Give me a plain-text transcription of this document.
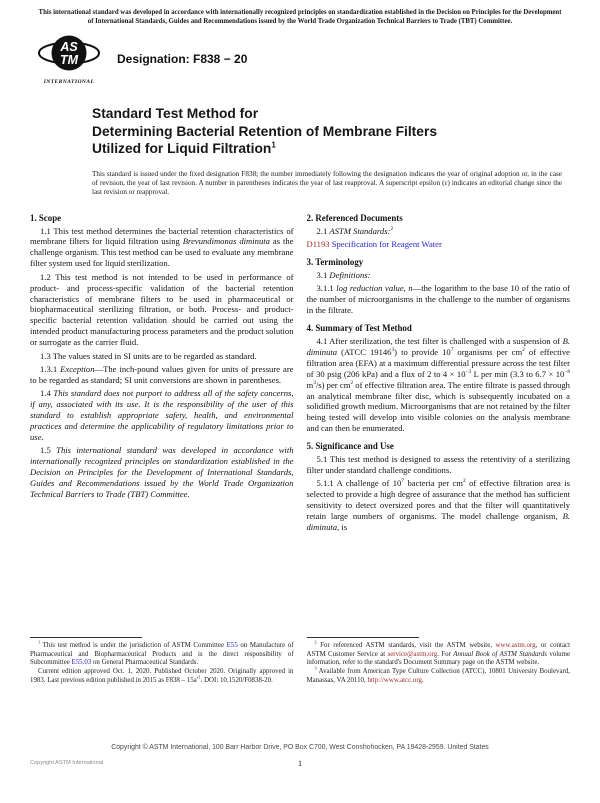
This international standard was developed in accordance with internationally recognized principles on standardization established in the Decision on Principles for the Development of International Standards, Guides and Recommendations issued by the World Trade Organization Technical Barriers to Trade (TBT) Committee.
AS
TM
INTERNATIONAL
Designation: F838 − 20
Standard Test Method for
Determining Bacterial Retention of Membrane Filters
Utilized for Liquid Filtration$^1$
This standard is issued under the fixed designation F838; the number immediately following the designation indicates the year of original adoption or, in the case of revision, the year of last revision. A number in parentheses indicates the year of last reapproval. A superscript epsilon (ε) indicates an editorial change since the last revision or reapproval.
1. Scope

1.1 This test method determines the bacterial retention characteristics of membrane filters for liquid filtration using Brevundimonas diminuta as the challenge organism. This test method can be used to evaluate any membrane filter system used for liquid sterilization.

1.2 This test method is not intended to be used in performance of product- and process-specific validation of the bacterial retention characteristics of membrane filters to be used in pharmaceutical or biopharmaceutical sterilizing filtration, or both. Process- and product-specific bacterial retention validation should be carried out using the intended product manufacturing process parameters and the product solution or surrogate as the carrier fluid.

1.3 The values stated in SI units are to be regarded as standard.

1.3.1 Exception—The inch-pound values given for units of pressure are to be regarded as standard; SI unit conversions are shown in parentheses.

1.4 This standard does not purport to address all of the safety concerns, if any, associated with its use. It is the responsibility of the user of this standard to establish appropriate safety, health, and environmental practices and determine the applicability of regulatory limitations prior to use.

1.5 This international standard was developed in accordance with internationally recognized principles on standardization established in the Decision on Principles for the Development of International Standards, Guides and Recommendations issued by the World Trade Organization Technical Barriers to Trade (TBT) Committee.

$^1$ This test method is under the jurisdiction of ASTM Committee E55 on Manufacture of Pharmaceutical and Biopharmaceutical Products and is the direct responsibility of Subcommittee E55.03 on General Pharmaceutical Standards.

Current edition approved Oct. 1, 2020. Published October 2020. Originally approved in 1983. Last previous edition published in 2015 as $F838 - 15a^{\varepsilon 1}$. DOI: 10.1520/F0838-20.

2. Referenced Documents

2.1 ASTM Standards:$^2$

D1193 Specification for Reagent Water

3. Terminology

3.1 Definitions:

3.1.1 log reduction value, n—the logarithm to the base 10 of the ratio of the number of microorganisms in the challenge to the number of organisms in the filtrate.

4. Summary of Test Method

4.1 After sterilization, the test filter is challenged with a suspension of B. diminuta (ATCC 19146$^3$) to provide $10^7$ organisms per $cm^2$ of effective filtration area (EFA) at a maximum differential pressure across the test filter of 30 psig (206 kPa) and a flux of 2 to $4 \times 10^{-3}$ L per min (3.3 to $6.7 \times 10^{-8}$ $m^3/s$) per $cm^2$ of effective filtration area. The entire filtrate is passed through an analytical membrane filter disc, which is subsequently incubated on a solidified growth medium. Microorganisms that are not retained by the filter being tested will develop into visible colonies on the analysis membrane and can then be enumerated.

5. Significance and Use

5.1 This test method is designed to assess the retentivity of a sterilizing filter under standard challenge conditions.

5.1.1 A challenge of $10^7$ bacteria per $cm^2$ of effective filtration area is selected to provide a high degree of assurance that the method has sufficient sensitivity to detect oversized pores and that the filter will quantitatively retain large numbers of organisms. The model challenge organism, B. diminuta, is

$^2$ For referenced ASTM standards, visit the ASTM website, www.astm.org, or contact ASTM Customer Service at service@astm.org. For Annual Book of ASTM Standards volume information, refer to the standard's Document Summary page on the ASTM website.

$^3$ Available from American Type Culture Collection (ATCC), 10801 University Boulevard, Manassas, VA 20110, http://www.atcc.org.

Copyright © ASTM International, 100 Barr Harbor Drive, PO Box C700, West Conshohocken, PA 19428-2959. United States
Copyright ASTM International	1
